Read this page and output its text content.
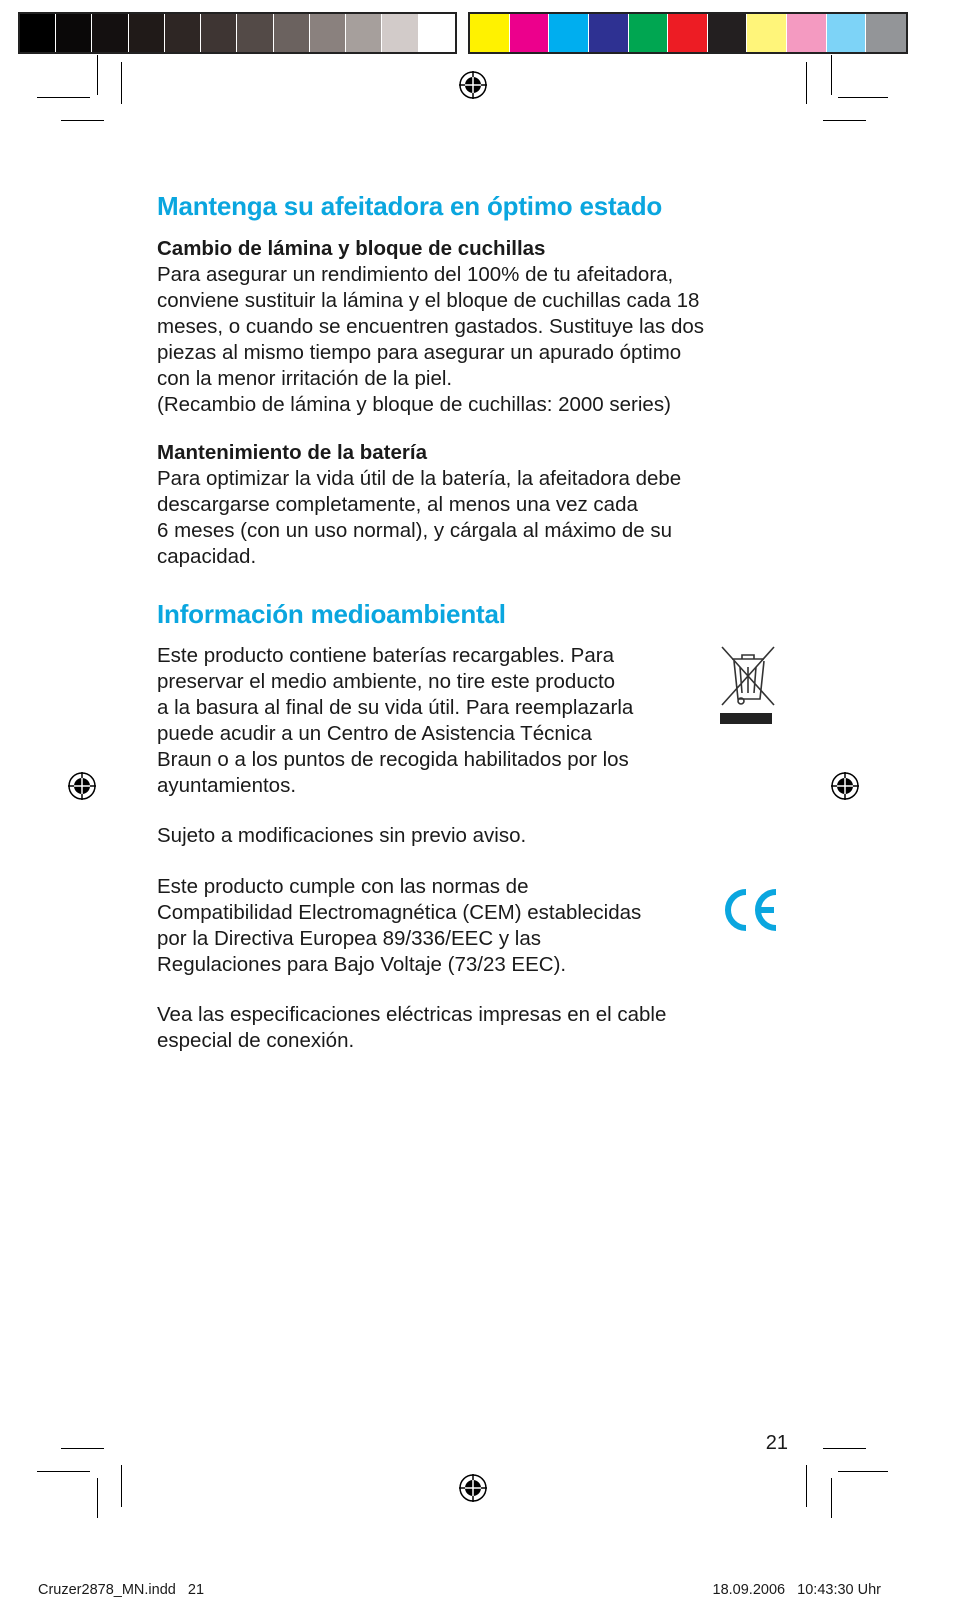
Mantenga su afeitadora en óptimo estado
Cambio de lámina y bloque de cuchillas
Para asegurar un rendimiento del 100% de tu afeitadora,
conviene sustituir la lámina y el bloque de cuchillas cada 18
meses, o cuando se encuentren gastados. Sustituye las dos
piezas al mismo tiempo para asegurar un apurado óptimo
con la menor irritación de la piel.
(Recambio de lámina y bloque de cuchillas: 2000 series)
Mantenimiento de la batería
Para optimizar la vida útil de la batería, la afeitadora debe
descargarse completamente, al menos una vez cada
6 meses (con un uso normal), y cárgala al máximo de su
capacidad.
Información medioambiental
Este producto contiene baterías recargables. Para
preservar el medio ambiente, no tire este producto
a la basura al final de su vida útil. Para reemplazarla
puede acudir a un Centro de Asistencia Técnica
Braun o a los puntos de recogida habilitados por los
ayuntamientos.

Sujeto a modificaciones sin previo aviso.

Este producto cumple con las normas de
Compatibilidad Electromagnética (CEM) establecidas
por la Directiva Europea 89/336/EEC y las
Regulaciones para Bajo Voltaje (73/23 EEC).
Vea las especificaciones eléctricas impresas en el cable
especial de conexión.
21
Cruzer2878_MN.indd   21	18.09.2006   10:43:30 Uhr
